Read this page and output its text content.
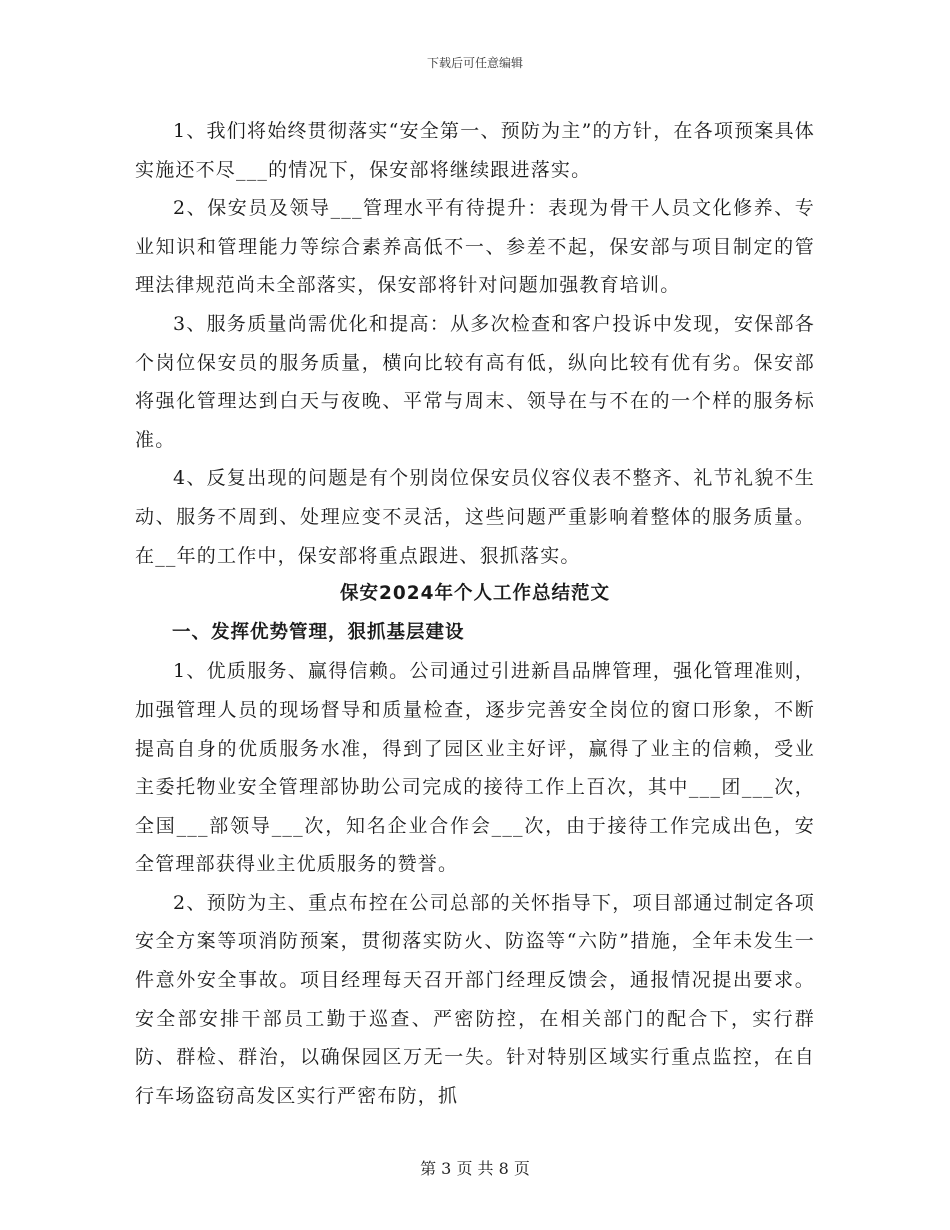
下载后可任意编辑

1、我们将始终贯彻落实“安全第一、预防为主”的方针，在各项预案具体实施还不尽___的情况下，保安部将继续跟进落实。

2、保安员及领导___管理水平有待提升：表现为骨干人员文化修养、专业知识和管理能力等综合素养高低不一、参差不起，保安部与项目制定的管理法律规范尚未全部落实，保安部将针对问题加强教育培训。

3、服务质量尚需优化和提高：从多次检查和客户投诉中发现，安保部各个岗位保安员的服务质量，横向比较有高有低，纵向比较有优有劣。保安部将强化管理达到白天与夜晚、平常与周末、领导在与不在的一个样的服务标准。

4、反复出现的问题是有个别岗位保安员仪容仪表不整齐、礼节礼貌不生动、服务不周到、处理应变不灵活，这些问题严重影响着整体的服务质量。在__年的工作中，保安部将重点跟进、狠抓落实。

保安2024年个人工作总结范文

一、发挥优势管理，狠抓基层建设

1、优质服务、赢得信赖。公司通过引进新昌品牌管理，强化管理准则，加强管理人员的现场督导和质量检查，逐步完善安全岗位的窗口形象，不断提高自身的优质服务水准，得到了园区业主好评，赢得了业主的信赖，受业主委托物业安全管理部协助公司完成的接待工作上百次，其中___团___次，全国___部领导___次，知名企业合作会___次，由于接待工作完成出色，安全管理部获得业主优质服务的赞誉。

2、预防为主、重点布控在公司总部的关怀指导下，项目部通过制定各项安全方案等项消防预案，贯彻落实防火、防盗等“六防”措施，全年未发生一件意外安全事故。项目经理每天召开部门经理反馈会，通报情况提出要求。安全部安排干部员工勤于巡查、严密防控，在相关部门的配合下，实行群防、群检、群治，以确保园区万无一失。针对特别区域实行重点监控，在自行车场盗窃高发区实行严密布防，抓

第 3 页 共 8 页
